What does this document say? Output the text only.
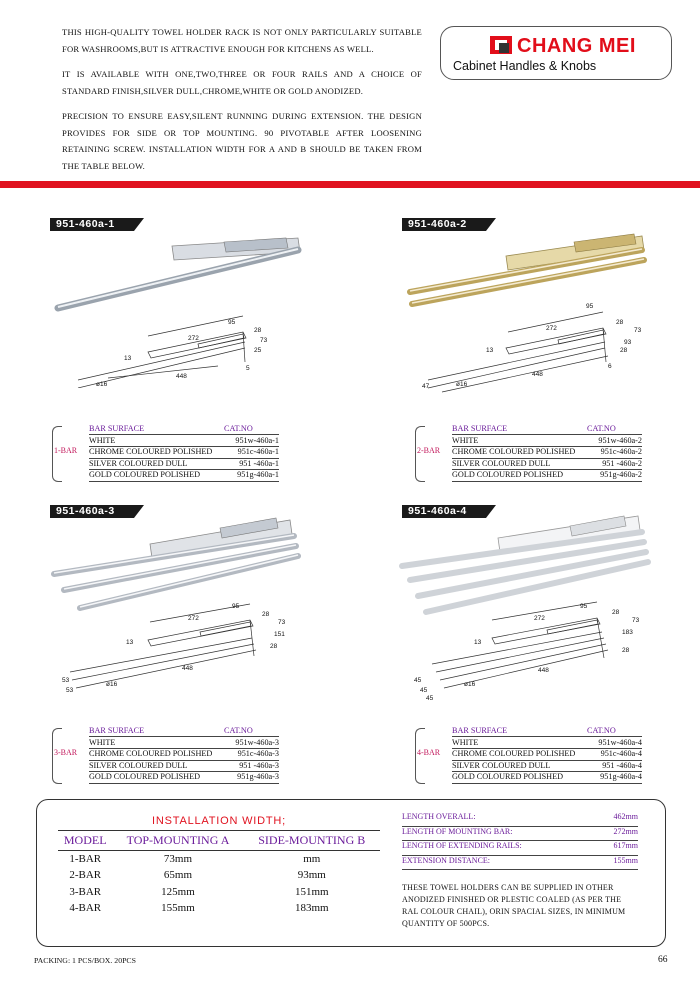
THIS HIGH-QUALITY TOWEL HOLDER RACK IS NOT ONLY PARTICULARLY SUITABLE FOR WASHROOMS,BUT IS ATTRACTIVE ENOUGH FOR KITCHENS AS WELL.

IT IS AVAILABLE WITH ONE,TWO,THREE OR FOUR RAILS AND A CHOICE OF STANDARD FINISH,SILVER DULL,CHROME,WHITE OR GOLD ANODIZED.

PRECISION TO ENSURE EASY,SILENT RUNNING DURING EXTENSION. THE DESIGN PROVIDES FOR SIDE OR TOP MOUNTING. 90 PIVOTABLE AFTER LOOSENING RETAINING SCREW. INSTALLATION WIDTH FOR A AND B SHOULD BE TAKEN FROM THE TABLE BELOW.

CHANG MEI
Cabinet Handles & Knobs
951-460a-1
272
95
28
73
25
13
448
ø16
5
1-BAR
BAR SURFACE	CAT.NO
WHITE	951w-460a-1
CHROME COLOURED POLISHED	951c-460a-1
SILVER COLOURED DULL	951 -460a-1
GOLD COLOURED POLISHED	951g-460a-1
951-460a-2
272
95
28
73
93
13
448
ø16
47
6
28
2-BAR
BAR SURFACE	CAT.NO
WHITE	951w-460a-2
CHROME COLOURED POLISHED	951c-460a-2
SILVER COLOURED DULL	951 -460a-2
GOLD COLOURED POLISHED	951g-460a-2
951-460a-3
272
95
28
73
151
13
448
ø16
53
53
28
3-BAR
BAR SURFACE	CAT.NO
WHITE	951w-460a-3
CHROME COLOURED POLISHED	951c-460a-3
SILVER COLOURED DULL	951 -460a-3
GOLD COLOURED POLISHED	951g-460a-3
951-460a-4
272
95
28
73
183
13
448
ø16
45
45
45
28
4-BAR
BAR SURFACE	CAT.NO
WHITE	951w-460a-4
CHROME COLOURED POLISHED	951c-460a-4
SILVER COLOURED DULL	951 -460a-4
GOLD COLOURED POLISHED	951g-460a-4
INSTALLATION WIDTH;
MODEL	TOP-MOUNTING A	SIDE-MOUNTING B
1-BAR	73mm	mm
2-BAR	65mm	93mm
3-BAR	125mm	151mm
4-BAR	155mm	183mm
LENGTH OVERALL:	462mm
LENGTH OF MOUNTING BAR:	272mm
LENGTH OF EXTENDING RAILS:	617mm
EXTENSION DISTANCE:	155mm

THESE TOWEL HOLDERS CAN BE SUPPLIED IN OTHER ANODIZED FINISHED OR PLESTIC COALED (AS PER THE RAL COLOUR CHAIL), ORIN SPACIAL SIZES, IN MINIMUM QUANTITY OF 500PCS.

PACKING: 1 PCS/BOX. 20PCS	66
